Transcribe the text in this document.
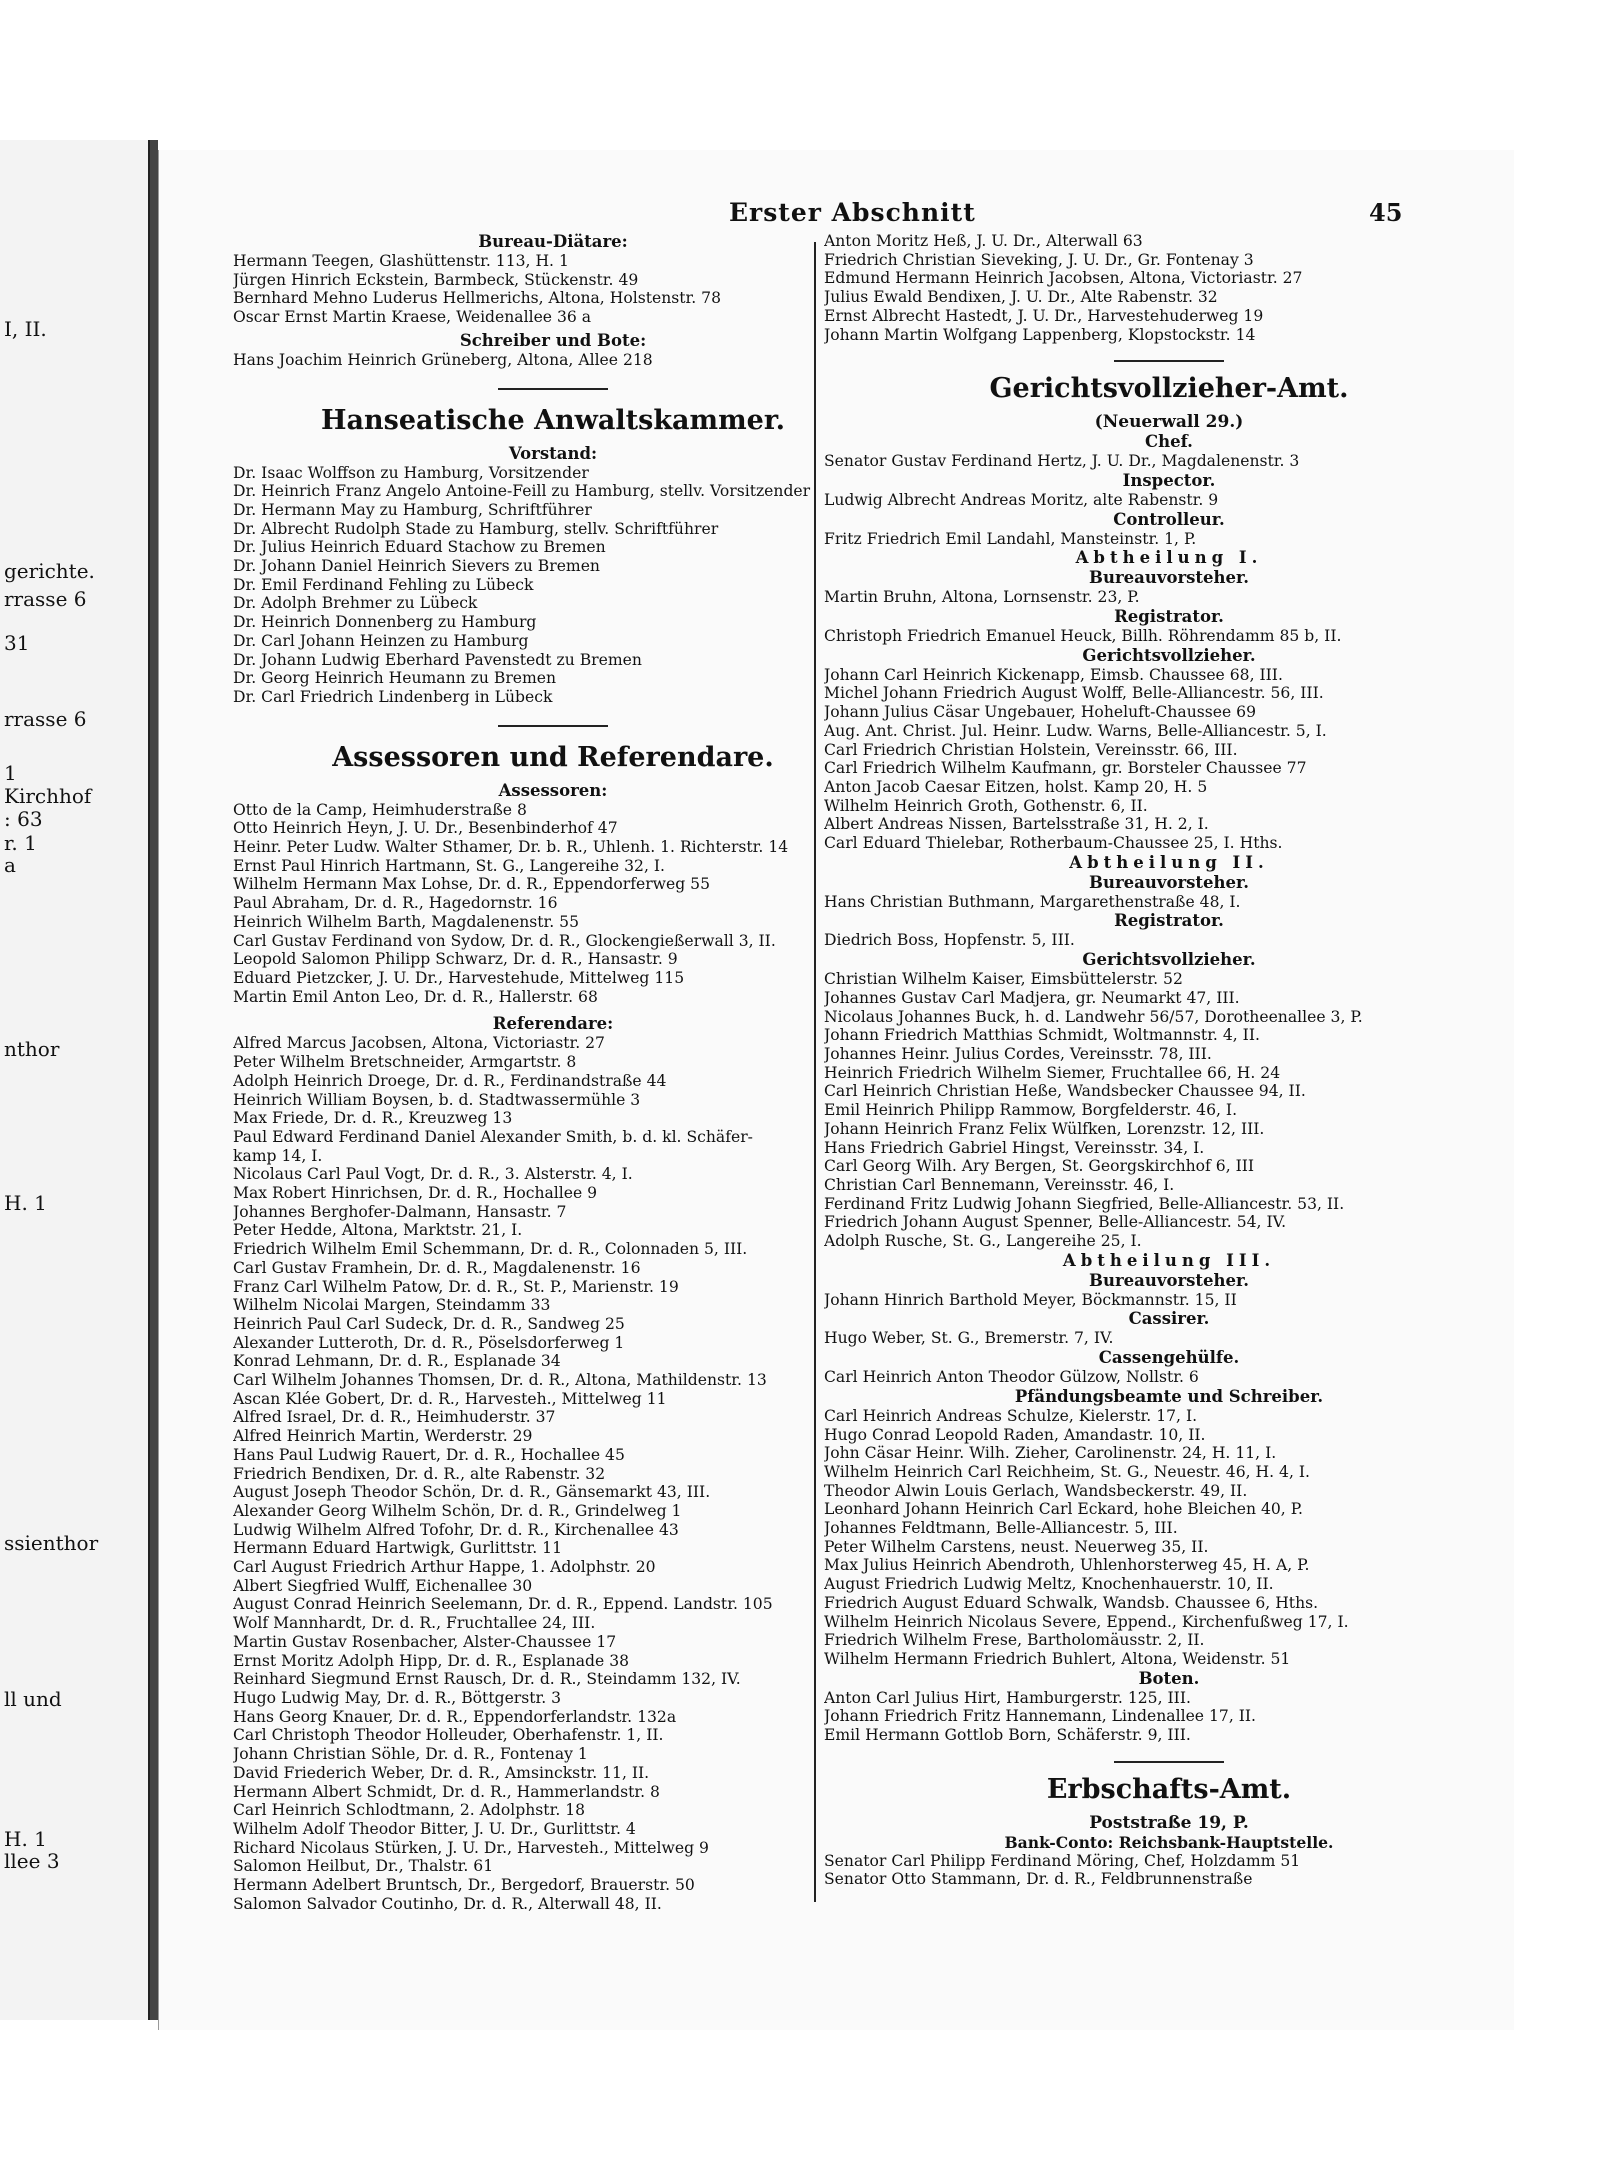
I, II.
gerichte.
rrasse 6
31
rrasse 6
1
Kirchhof
: 63
r. 1
a
nthor
H. 1
ssienthor
ll und
H. 1
llee 3
Erster Abschnitt	45
Bureau-Diätare:
Hermann Teegen, Glashüttenstr. 113, H. 1
Jürgen Hinrich Eckstein, Barmbeck, Stückenstr. 49
Bernhard Mehno Luderus Hellmerichs, Altona, Holstenstr. 78
Oscar Ernst Martin Kraese, Weidenallee 36 a
Schreiber und Bote:
Hans Joachim Heinrich Grüneberg, Altona, Allee 218
Hanseatische Anwaltskammer.
Vorstand:
Dr. Isaac Wolffson zu Hamburg, Vorsitzender
Dr. Heinrich Franz Angelo Antoine-Feill zu Hamburg, stellv. Vorsitzender
Dr. Hermann May zu Hamburg, Schriftführer
Dr. Albrecht Rudolph Stade zu Hamburg, stellv. Schriftführer
Dr. Julius Heinrich Eduard Stachow zu Bremen
Dr. Johann Daniel Heinrich Sievers zu Bremen
Dr. Emil Ferdinand Fehling zu Lübeck
Dr. Adolph Brehmer zu Lübeck
Dr. Heinrich Donnenberg zu Hamburg
Dr. Carl Johann Heinzen zu Hamburg
Dr. Johann Ludwig Eberhard Pavenstedt zu Bremen
Dr. Georg Heinrich Heumann zu Bremen
Dr. Carl Friedrich Lindenberg in Lübeck
Assessoren und Referendare.
Assessoren:
Otto de la Camp, Heimhuderstraße 8
Otto Heinrich Heyn, J. U. Dr., Besenbinderhof 47
Heinr. Peter Ludw. Walter Sthamer, Dr. b. R., Uhlenh. 1. Richterstr. 14
Ernst Paul Hinrich Hartmann, St. G., Langereihe 32, I.
Wilhelm Hermann Max Lohse, Dr. d. R., Eppendorferweg 55
Paul Abraham, Dr. d. R., Hagedornstr. 16
Heinrich Wilhelm Barth, Magdalenenstr. 55
Carl Gustav Ferdinand von Sydow, Dr. d. R., Glockengießerwall 3, II.
Leopold Salomon Philipp Schwarz, Dr. d. R., Hansastr. 9
Eduard Pietzcker, J. U. Dr., Harvestehude, Mittelweg 115
Martin Emil Anton Leo, Dr. d. R., Hallerstr. 68
Referendare:
Alfred Marcus Jacobsen, Altona, Victoriastr. 27
Peter Wilhelm Bretschneider, Armgartstr. 8
Adolph Heinrich Droege, Dr. d. R., Ferdinandstraße 44
Heinrich William Boysen, b. d. Stadtwassermühle 3
Max Friede, Dr. d. R., Kreuzweg 13
Paul Edward Ferdinand Daniel Alexander Smith, b. d. kl. Schäfer-
kamp 14, I.
Nicolaus Carl Paul Vogt, Dr. d. R., 3. Alsterstr. 4, I.
Max Robert Hinrichsen, Dr. d. R., Hochallee 9
Johannes Berghofer-Dalmann, Hansastr. 7
Peter Hedde, Altona, Marktstr. 21, I.
Friedrich Wilhelm Emil Schemmann, Dr. d. R., Colonnaden 5, III.
Carl Gustav Framhein, Dr. d. R., Magdalenenstr. 16
Franz Carl Wilhelm Patow, Dr. d. R., St. P., Marienstr. 19
Wilhelm Nicolai Margen, Steindamm 33
Heinrich Paul Carl Sudeck, Dr. d. R., Sandweg 25
Alexander Lutteroth, Dr. d. R., Pöselsdorferweg 1
Konrad Lehmann, Dr. d. R., Esplanade 34
Carl Wilhelm Johannes Thomsen, Dr. d. R., Altona, Mathildenstr. 13
Ascan Klée Gobert, Dr. d. R., Harvesteh., Mittelweg 11
Alfred Israel, Dr. d. R., Heimhuderstr. 37
Alfred Heinrich Martin, Werderstr. 29
Hans Paul Ludwig Rauert, Dr. d. R., Hochallee 45
Friedrich Bendixen, Dr. d. R., alte Rabenstr. 32
August Joseph Theodor Schön, Dr. d. R., Gänsemarkt 43, III.
Alexander Georg Wilhelm Schön, Dr. d. R., Grindelweg 1
Ludwig Wilhelm Alfred Tofohr, Dr. d. R., Kirchenallee 43
Hermann Eduard Hartwigk, Gurlittstr. 11
Carl August Friedrich Arthur Happe, 1. Adolphstr. 20
Albert Siegfried Wulff, Eichenallee 30
August Conrad Heinrich Seelemann, Dr. d. R., Eppend. Landstr. 105
Wolf Mannhardt, Dr. d. R., Fruchtallee 24, III.
Martin Gustav Rosenbacher, Alster-Chaussee 17
Ernst Moritz Adolph Hipp, Dr. d. R., Esplanade 38
Reinhard Siegmund Ernst Rausch, Dr. d. R., Steindamm 132, IV.
Hugo Ludwig May, Dr. d. R., Böttgerstr. 3
Hans Georg Knauer, Dr. d. R., Eppendorferlandstr. 132a
Carl Christoph Theodor Holleuder, Oberhafenstr. 1, II.
Johann Christian Söhle, Dr. d. R., Fontenay 1
David Friederich Weber, Dr. d. R., Amsinckstr. 11, II.
Hermann Albert Schmidt, Dr. d. R., Hammerlandstr. 8
Carl Heinrich Schlodtmann, 2. Adolphstr. 18
Wilhelm Adolf Theodor Bitter, J. U. Dr., Gurlittstr. 4
Richard Nicolaus Stürken, J. U. Dr., Harvesteh., Mittelweg 9
Salomon Heilbut, Dr., Thalstr. 61
Hermann Adelbert Bruntsch, Dr., Bergedorf, Brauerstr. 50
Salomon Salvador Coutinho, Dr. d. R., Alterwall 48, II.
Anton Moritz Heß, J. U. Dr., Alterwall 63
Friedrich Christian Sieveking, J. U. Dr., Gr. Fontenay 3
Edmund Hermann Heinrich Jacobsen, Altona, Victoriastr. 27
Julius Ewald Bendixen, J. U. Dr., Alte Rabenstr. 32
Ernst Albrecht Hastedt, J. U. Dr., Harvestehuderweg 19
Johann Martin Wolfgang Lappenberg, Klopstockstr. 14
Gerichtsvollzieher-Amt.
(Neuerwall 29.)
Chef.
Senator Gustav Ferdinand Hertz, J. U. Dr., Magdalenenstr. 3
Inspector.
Ludwig Albrecht Andreas Moritz, alte Rabenstr. 9
Controlleur.
Fritz Friedrich Emil Landahl, Mansteinstr. 1, P.
Abtheilung I.
Bureauvorsteher.
Martin Bruhn, Altona, Lornsenstr. 23, P.
Registrator.
Christoph Friedrich Emanuel Heuck, Billh. Röhrendamm 85 b, II.
Gerichtsvollzieher.
Johann Carl Heinrich Kickenapp, Eimsb. Chaussee 68, III.
Michel Johann Friedrich August Wolff, Belle-Alliancestr. 56, III.
Johann Julius Cäsar Ungebauer, Hoheluft-Chaussee 69
Aug. Ant. Christ. Jul. Heinr. Ludw. Warns, Belle-Alliancestr. 5, I.
Carl Friedrich Christian Holstein, Vereinsstr. 66, III.
Carl Friedrich Wilhelm Kaufmann, gr. Borsteler Chaussee 77
Anton Jacob Caesar Eitzen, holst. Kamp 20, H. 5
Wilhelm Heinrich Groth, Gothenstr. 6, II.
Albert Andreas Nissen, Bartelsstraße 31, H. 2, I.
Carl Eduard Thielebar, Rotherbaum-Chaussee 25, I. Hths.
Abtheilung II.
Bureauvorsteher.
Hans Christian Buthmann, Margarethenstraße 48, I.
Registrator.
Diedrich Boss, Hopfenstr. 5, III.
Gerichtsvollzieher.
Christian Wilhelm Kaiser, Eimsbüttelerstr. 52
Johannes Gustav Carl Madjera, gr. Neumarkt 47, III.
Nicolaus Johannes Buck, h. d. Landwehr 56/57, Dorotheenallee 3, P.
Johann Friedrich Matthias Schmidt, Woltmannstr. 4, II.
Johannes Heinr. Julius Cordes, Vereinsstr. 78, III.
Heinrich Friedrich Wilhelm Siemer, Fruchtallee 66, H. 24
Carl Heinrich Christian Heße, Wandsbecker Chaussee 94, II.
Emil Heinrich Philipp Rammow, Borgfelderstr. 46, I.
Johann Heinrich Franz Felix Wülfken, Lorenzstr. 12, III.
Hans Friedrich Gabriel Hingst, Vereinsstr. 34, I.
Carl Georg Wilh. Ary Bergen, St. Georgskirchhof 6, III
Christian Carl Bennemann, Vereinsstr. 46, I.
Ferdinand Fritz Ludwig Johann Siegfried, Belle-Alliancestr. 53, II.
Friedrich Johann August Spenner, Belle-Alliancestr. 54, IV.
Adolph Rusche, St. G., Langereihe 25, I.
Abtheilung III.
Bureauvorsteher.
Johann Hinrich Barthold Meyer, Böckmannstr. 15, II
Cassirer.
Hugo Weber, St. G., Bremerstr. 7, IV.
Cassengehülfe.
Carl Heinrich Anton Theodor Gülzow, Nollstr. 6
Pfändungsbeamte und Schreiber.
Carl Heinrich Andreas Schulze, Kielerstr. 17, I.
Hugo Conrad Leopold Raden, Amandastr. 10, II.
John Cäsar Heinr. Wilh. Zieher, Carolinenstr. 24, H. 11, I.
Wilhelm Heinrich Carl Reichheim, St. G., Neuestr. 46, H. 4, I.
Theodor Alwin Louis Gerlach, Wandsbeckerstr. 49, II.
Leonhard Johann Heinrich Carl Eckard, hohe Bleichen 40, P.
Johannes Feldtmann, Belle-Alliancestr. 5, III.
Peter Wilhelm Carstens, neust. Neuerweg 35, II.
Max Julius Heinrich Abendroth, Uhlenhorsterweg 45, H. A, P.
August Friedrich Ludwig Meltz, Knochenhauerstr. 10, II.
Friedrich August Eduard Schwalk, Wandsb. Chaussee 6, Hths.
Wilhelm Heinrich Nicolaus Severe, Eppend., Kirchenfußweg 17, I.
Friedrich Wilhelm Frese, Bartholomäusstr. 2, II.
Wilhelm Hermann Friedrich Buhlert, Altona, Weidenstr. 51
Boten.
Anton Carl Julius Hirt, Hamburgerstr. 125, III.
Johann Friedrich Fritz Hannemann, Lindenallee 17, II.
Emil Hermann Gottlob Born, Schäferstr. 9, III.
Erbschafts-Amt.
Poststraße 19, P.
Bank-Conto: Reichsbank-Hauptstelle.
Senator Carl Philipp Ferdinand Möring, Chef, Holzdamm 51
Senator Otto Stammann, Dr. d. R., Feldbrunnenstraße
